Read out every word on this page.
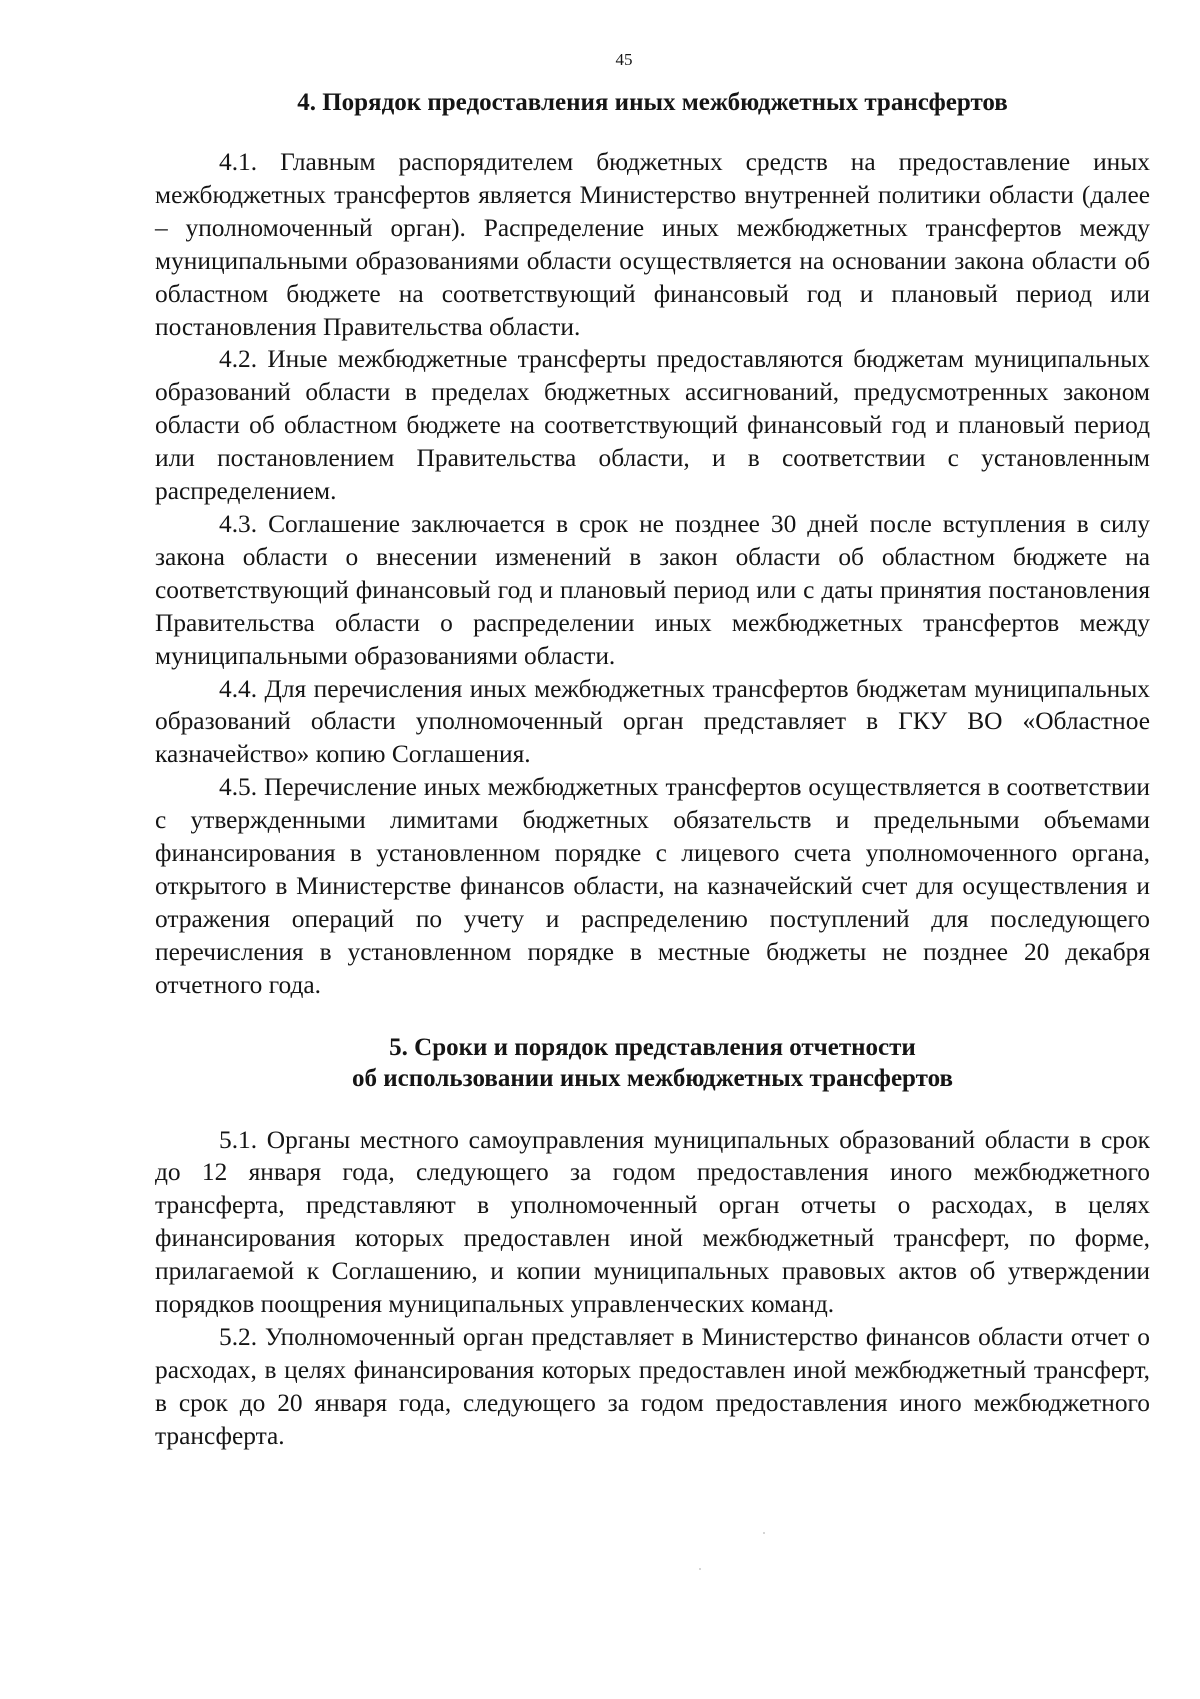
45
4. Порядок предоставления иных межбюджетных трансфертов

4.1. Главным распорядителем бюджетных средств на предоставление иных межбюджетных трансфертов является Министерство внутренней политики области (далее – уполномоченный орган). Распределение иных межбюджетных трансфертов между муниципальными образованиями области осуществляется на основании закона области об областном бюджете на соответствующий финансовый год и плановый период или постановления Правительства области.

4.2. Иные межбюджетные трансферты предоставляются бюджетам муниципальных образований области в пределах бюджетных ассигнований, предусмотренных законом области об областном бюджете на соответствующий финансовый год и плановый период или постановлением Правительства области, и в соответствии с установленным распределением.

4.3. Соглашение заключается в срок не позднее 30 дней после вступления в силу закона области о внесении изменений в закон области об областном бюджете на соответствующий финансовый год и плановый период или с даты принятия постановления Правительства области о распределении иных межбюджетных трансфертов между муниципальными образованиями области.

4.4. Для перечисления иных межбюджетных трансфертов бюджетам муниципальных образований области уполномоченный орган представляет в ГКУ ВО «Областное казначейство» копию Соглашения.

4.5. Перечисление иных межбюджетных трансфертов осуществляется в соответствии с утвержденными лимитами бюджетных обязательств и предельными объемами финансирования в установленном порядке с лицевого счета уполномоченного органа, открытого в Министерстве финансов области, на казначейский счет для осуществления и отражения операций по учету и распределению поступлений для последующего перечисления в установленном порядке в местные бюджеты не позднее 20 декабря отчетного года.

5. Сроки и порядок представления отчетности
об использовании иных межбюджетных трансфертов

5.1. Органы местного самоуправления муниципальных образований области в срок до 12 января года, следующего за годом предоставления иного межбюджетного трансферта, представляют в уполномоченный орган отчеты о расходах, в целях финансирования которых предоставлен иной межбюджетный трансферт, по форме, прилагаемой к Соглашению, и копии муниципальных правовых актов об утверждении порядков поощрения муниципальных управленческих команд.

5.2. Уполномоченный орган представляет в Министерство финансов области отчет о расходах, в целях финансирования которых предоставлен иной межбюджетный трансферт, в срок до 20 января года, следующего за годом предоставления иного межбюджетного трансферта.
